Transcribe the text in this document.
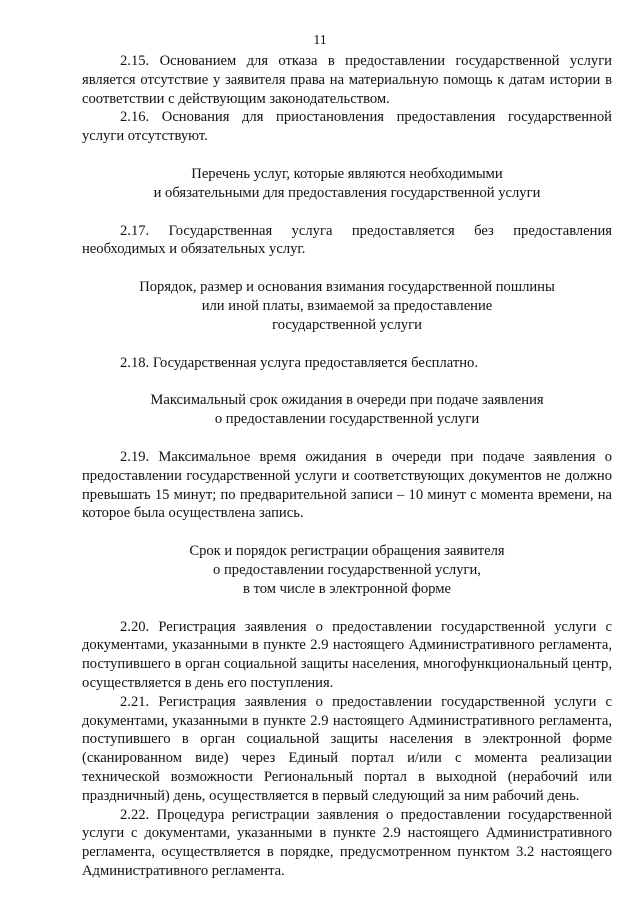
11

2.15. Основанием для отказа в предоставлении государственной услуги является отсутствие у заявителя права на материальную помощь к датам истории в соответствии с действующим законодательством.

2.16. Основания для приостановления предоставления государственной услуги отсутствуют.

Перечень услуг, которые являются необходимыми
и обязательными для предоставления государственной услуги

2.17. Государственная услуга предоставляется без предоставления необходимых и обязательных услуг.

Порядок, размер и основания взимания государственной пошлины
или иной платы, взимаемой за предоставление
государственной услуги

2.18. Государственная услуга предоставляется бесплатно.

Максимальный срок ожидания в очереди при подаче заявления
о предоставлении государственной услуги

2.19. Максимальное время ожидания в очереди при подаче заявления о предоставлении государственной услуги и соответствующих документов не должно превышать 15 минут; по предварительной записи – 10 минут с момента времени, на которое была осуществлена запись.

Срок и порядок регистрации обращения заявителя
о предоставлении государственной услуги,
в том числе в электронной форме

2.20. Регистрация заявления о предоставлении государственной услуги с документами, указанными в пункте 2.9 настоящего Административного регламента, поступившего в орган социальной защиты населения, многофункциональный центр, осуществляется в день его поступления.

2.21. Регистрация заявления о предоставлении государственной услуги с документами, указанными в пункте 2.9 настоящего Административного регламента, поступившего в орган социальной защиты населения в электронной форме (сканированном виде) через Единый портал и/или с момента реализации технической возможности Региональный портал в выходной (нерабочий или праздничный) день, осуществляется в первый следующий за ним рабочий день.

2.22. Процедура регистрации заявления о предоставлении государственной услуги с документами, указанными в пункте 2.9 настоящего Административного регламента, осуществляется в порядке, предусмотренном пунктом 3.2 настоящего Административного регламента.
